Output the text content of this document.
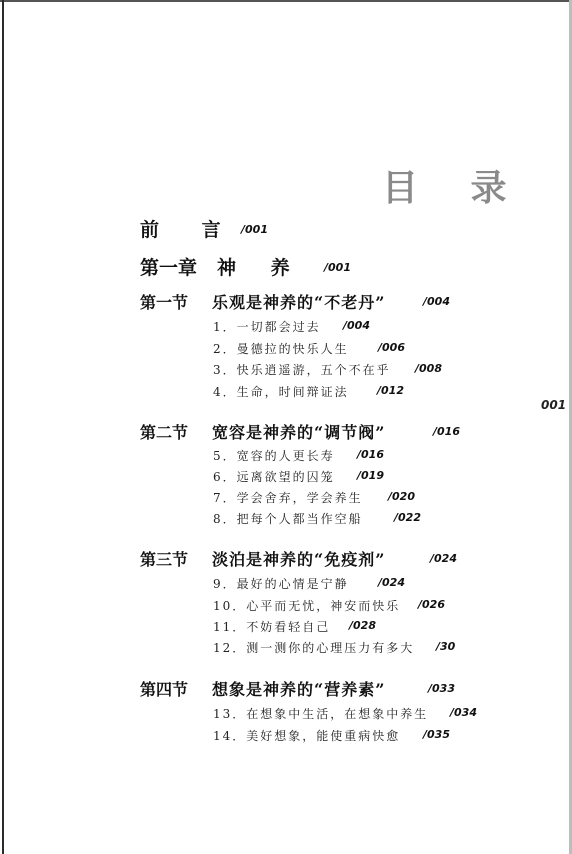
目 录
001
前 言 /001
第一章 神 养 /001
第一节 乐观是神养的“不老丹”	/004
1．一切都会过去 /004
2．曼德拉的快乐人生	/006
3．快乐逍遥游，五个不在乎 /008
4．生命，时间辩证法	/012
第二节 宽容是神养的“调节阀”	/016
5．宽容的人更长寿 /016
6．远离欲望的囚笼 /019
7．学会舍弃，学会养生 /020
8．把每个人都当作空船	/022
第三节 淡泊是神养的“免疫剂”	/024
9．最好的心情是宁静	/024
10．心平而无忧，神安而快乐 /026
11．不妨看轻自己 /028
12．测一测你的心理压力有多大 /30
第四节 想象是神养的“营养素”	/033
13．在想象中生活，在想象中养生 /034
14．美好想象，能使重病快愈 /035
